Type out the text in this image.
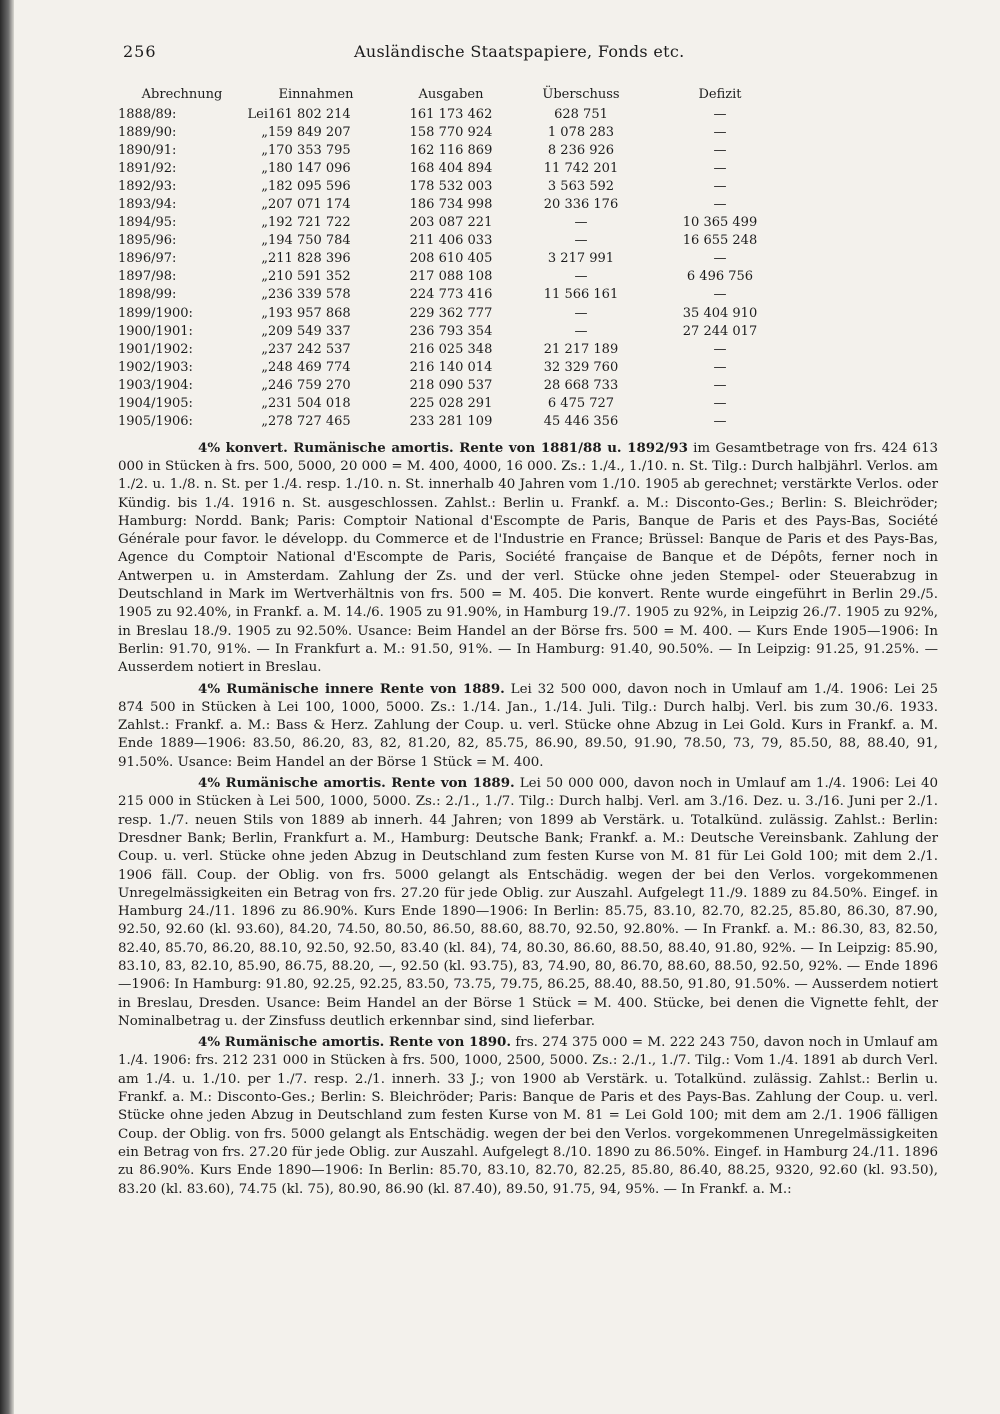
256	Ausländische Staatspapiere, Fonds etc.
Abrechnung	Einnahmen		Ausgaben	Überschuss	Defizit
1888/89:	Lei	161 802 214	161 173 462	628 751	—
1889/90:	„	159 849 207	158 770 924	1 078 283	—
1890/91:	„	170 353 795	162 116 869	8 236 926	—
1891/92:	„	180 147 096	168 404 894	11 742 201	—
1892/93:	„	182 095 596	178 532 003	3 563 592	—
1893/94:	„	207 071 174	186 734 998	20 336 176	—
1894/95:	„	192 721 722	203 087 221	—	10 365 499
1895/96:	„	194 750 784	211 406 033	—	16 655 248
1896/97:	„	211 828 396	208 610 405	3 217 991	—
1897/98:	„	210 591 352	217 088 108	—	6 496 756
1898/99:	„	236 339 578	224 773 416	11 566 161	—
1899/1900:	„	193 957 868	229 362 777	—	35 404 910
1900/1901:	„	209 549 337	236 793 354	—	27 244 017
1901/1902:	„	237 242 537	216 025 348	21 217 189	—
1902/1903:	„	248 469 774	216 140 014	32 329 760	—
1903/1904:	„	246 759 270	218 090 537	28 668 733	—
1904/1905:	„	231 504 018	225 028 291	6 475 727	—
1905/1906:	„	278 727 465	233 281 109	45 446 356	—

4% konvert. Rumänische amortis. Rente von 1881/88 u. 1892/93 im Gesamtbetrage von frs. 424 613 000 in Stücken à frs. 500, 5000, 20 000 = M. 400, 4000, 16 000. Zs.: 1./4., 1./10. n. St. Tilg.: Durch halbjährl. Verlos. am 1./2. u. 1./8. n. St. per 1./4. resp. 1./10. n. St. innerhalb 40 Jahren vom 1./10. 1905 ab gerechnet; verstärkte Verlos. oder Kündig. bis 1./4. 1916 n. St. ausgeschlossen. Zahlst.: Berlin u. Frankf. a. M.: Disconto-Ges.; Berlin: S. Bleichröder; Hamburg: Nordd. Bank; Paris: Comptoir National d'Escompte de Paris, Banque de Paris et des Pays-Bas, Société Générale pour favor. le développ. du Commerce et de l'Industrie en France; Brüssel: Banque de Paris et des Pays-Bas, Agence du Comptoir National d'Escompte de Paris, Société française de Banque et de Dépôts, ferner noch in Antwerpen u. in Amsterdam. Zahlung der Zs. und der verl. Stücke ohne jeden Stempel- oder Steuerabzug in Deutschland in Mark im Wertverhältnis von frs. 500 = M. 405. Die konvert. Rente wurde eingeführt in Berlin 29./5. 1905 zu 92.40%, in Frankf. a. M. 14./6. 1905 zu 91.90%, in Hamburg 19./7. 1905 zu 92%, in Leipzig 26./7. 1905 zu 92%, in Breslau 18./9. 1905 zu 92.50%. Usance: Beim Handel an der Börse frs. 500 = M. 400. — Kurs Ende 1905—1906: In Berlin: 91.70, 91%. — In Frankfurt a. M.: 91.50, 91%. — In Hamburg: 91.40, 90.50%. — In Leipzig: 91.25, 91.25%. — Ausserdem notiert in Breslau.

4% Rumänische innere Rente von 1889. Lei 32 500 000, davon noch in Umlauf am 1./4. 1906: Lei 25 874 500 in Stücken à Lei 100, 1000, 5000. Zs.: 1./14. Jan., 1./14. Juli. Tilg.: Durch halbj. Verl. bis zum 30./6. 1933. Zahlst.: Frankf. a. M.: Bass & Herz. Zahlung der Coup. u. verl. Stücke ohne Abzug in Lei Gold. Kurs in Frankf. a. M. Ende 1889—1906: 83.50, 86.20, 83, 82, 81.20, 82, 85.75, 86.90, 89.50, 91.90, 78.50, 73, 79, 85.50, 88, 88.40, 91, 91.50%. Usance: Beim Handel an der Börse 1 Stück = M. 400.

4% Rumänische amortis. Rente von 1889. Lei 50 000 000, davon noch in Umlauf am 1./4. 1906: Lei 40 215 000 in Stücken à Lei 500, 1000, 5000. Zs.: 2./1., 1./7. Tilg.: Durch halbj. Verl. am 3./16. Dez. u. 3./16. Juni per 2./1. resp. 1./7. neuen Stils von 1889 ab innerh. 44 Jahren; von 1899 ab Verstärk. u. Totalkünd. zulässig. Zahlst.: Berlin: Dresdner Bank; Berlin, Frankfurt a. M., Hamburg: Deutsche Bank; Frankf. a. M.: Deutsche Vereinsbank. Zahlung der Coup. u. verl. Stücke ohne jeden Abzug in Deutschland zum festen Kurse von M. 81 für Lei Gold 100; mit dem 2./1. 1906 fäll. Coup. der Oblig. von frs. 5000 gelangt als Entschädig. wegen der bei den Verlos. vorgekommenen Unregelmässigkeiten ein Betrag von frs. 27.20 für jede Oblig. zur Auszahl. Aufgelegt 11./9. 1889 zu 84.50%. Eingef. in Hamburg 24./11. 1896 zu 86.90%. Kurs Ende 1890—1906: In Berlin: 85.75, 83.10, 82.70, 82.25, 85.80, 86.30, 87.90, 92.50, 92.60 (kl. 93.60), 84.20, 74.50, 80.50, 86.50, 88.60, 88.70, 92.50, 92.80%. — In Frankf. a. M.: 86.30, 83, 82.50, 82.40, 85.70, 86.20, 88.10, 92.50, 92.50, 83.40 (kl. 84), 74, 80.30, 86.60, 88.50, 88.40, 91.80, 92%. — In Leipzig: 85.90, 83.10, 83, 82.10, 85.90, 86.75, 88.20, —, 92.50 (kl. 93.75), 83, 74.90, 80, 86.70, 88.60, 88.50, 92.50, 92%. — Ende 1896—1906: In Hamburg: 91.80, 92.25, 92.25, 83.50, 73.75, 79.75, 86.25, 88.40, 88.50, 91.80, 91.50%. — Ausserdem notiert in Breslau, Dresden. Usance: Beim Handel an der Börse 1 Stück = M. 400. Stücke, bei denen die Vignette fehlt, der Nominalbetrag u. der Zinsfuss deutlich erkennbar sind, sind lieferbar.

4% Rumänische amortis. Rente von 1890. frs. 274 375 000 = M. 222 243 750, davon noch in Umlauf am 1./4. 1906: frs. 212 231 000 in Stücken à frs. 500, 1000, 2500, 5000. Zs.: 2./1., 1./7. Tilg.: Vom 1./4. 1891 ab durch Verl. am 1./4. u. 1./10. per 1./7. resp. 2./1. innerh. 33 J.; von 1900 ab Verstärk. u. Totalkünd. zulässig. Zahlst.: Berlin u. Frankf. a. M.: Disconto-Ges.; Berlin: S. Bleichröder; Paris: Banque de Paris et des Pays-Bas. Zahlung der Coup. u. verl. Stücke ohne jeden Abzug in Deutschland zum festen Kurse von M. 81 = Lei Gold 100; mit dem am 2./1. 1906 fälligen Coup. der Oblig. von frs. 5000 gelangt als Entschädig. wegen der bei den Verlos. vorgekommenen Unregelmässigkeiten ein Betrag von frs. 27.20 für jede Oblig. zur Auszahl. Aufgelegt 8./10. 1890 zu 86.50%. Eingef. in Hamburg 24./11. 1896 zu 86.90%. Kurs Ende 1890—1906: In Berlin: 85.70, 83.10, 82.70, 82.25, 85.80, 86.40, 88.25, 9320, 92.60 (kl. 93.50), 83.20 (kl. 83.60), 74.75 (kl. 75), 80.90, 86.90 (kl. 87.40), 89.50, 91.75, 94, 95%. — In Frankf. a. M.:
